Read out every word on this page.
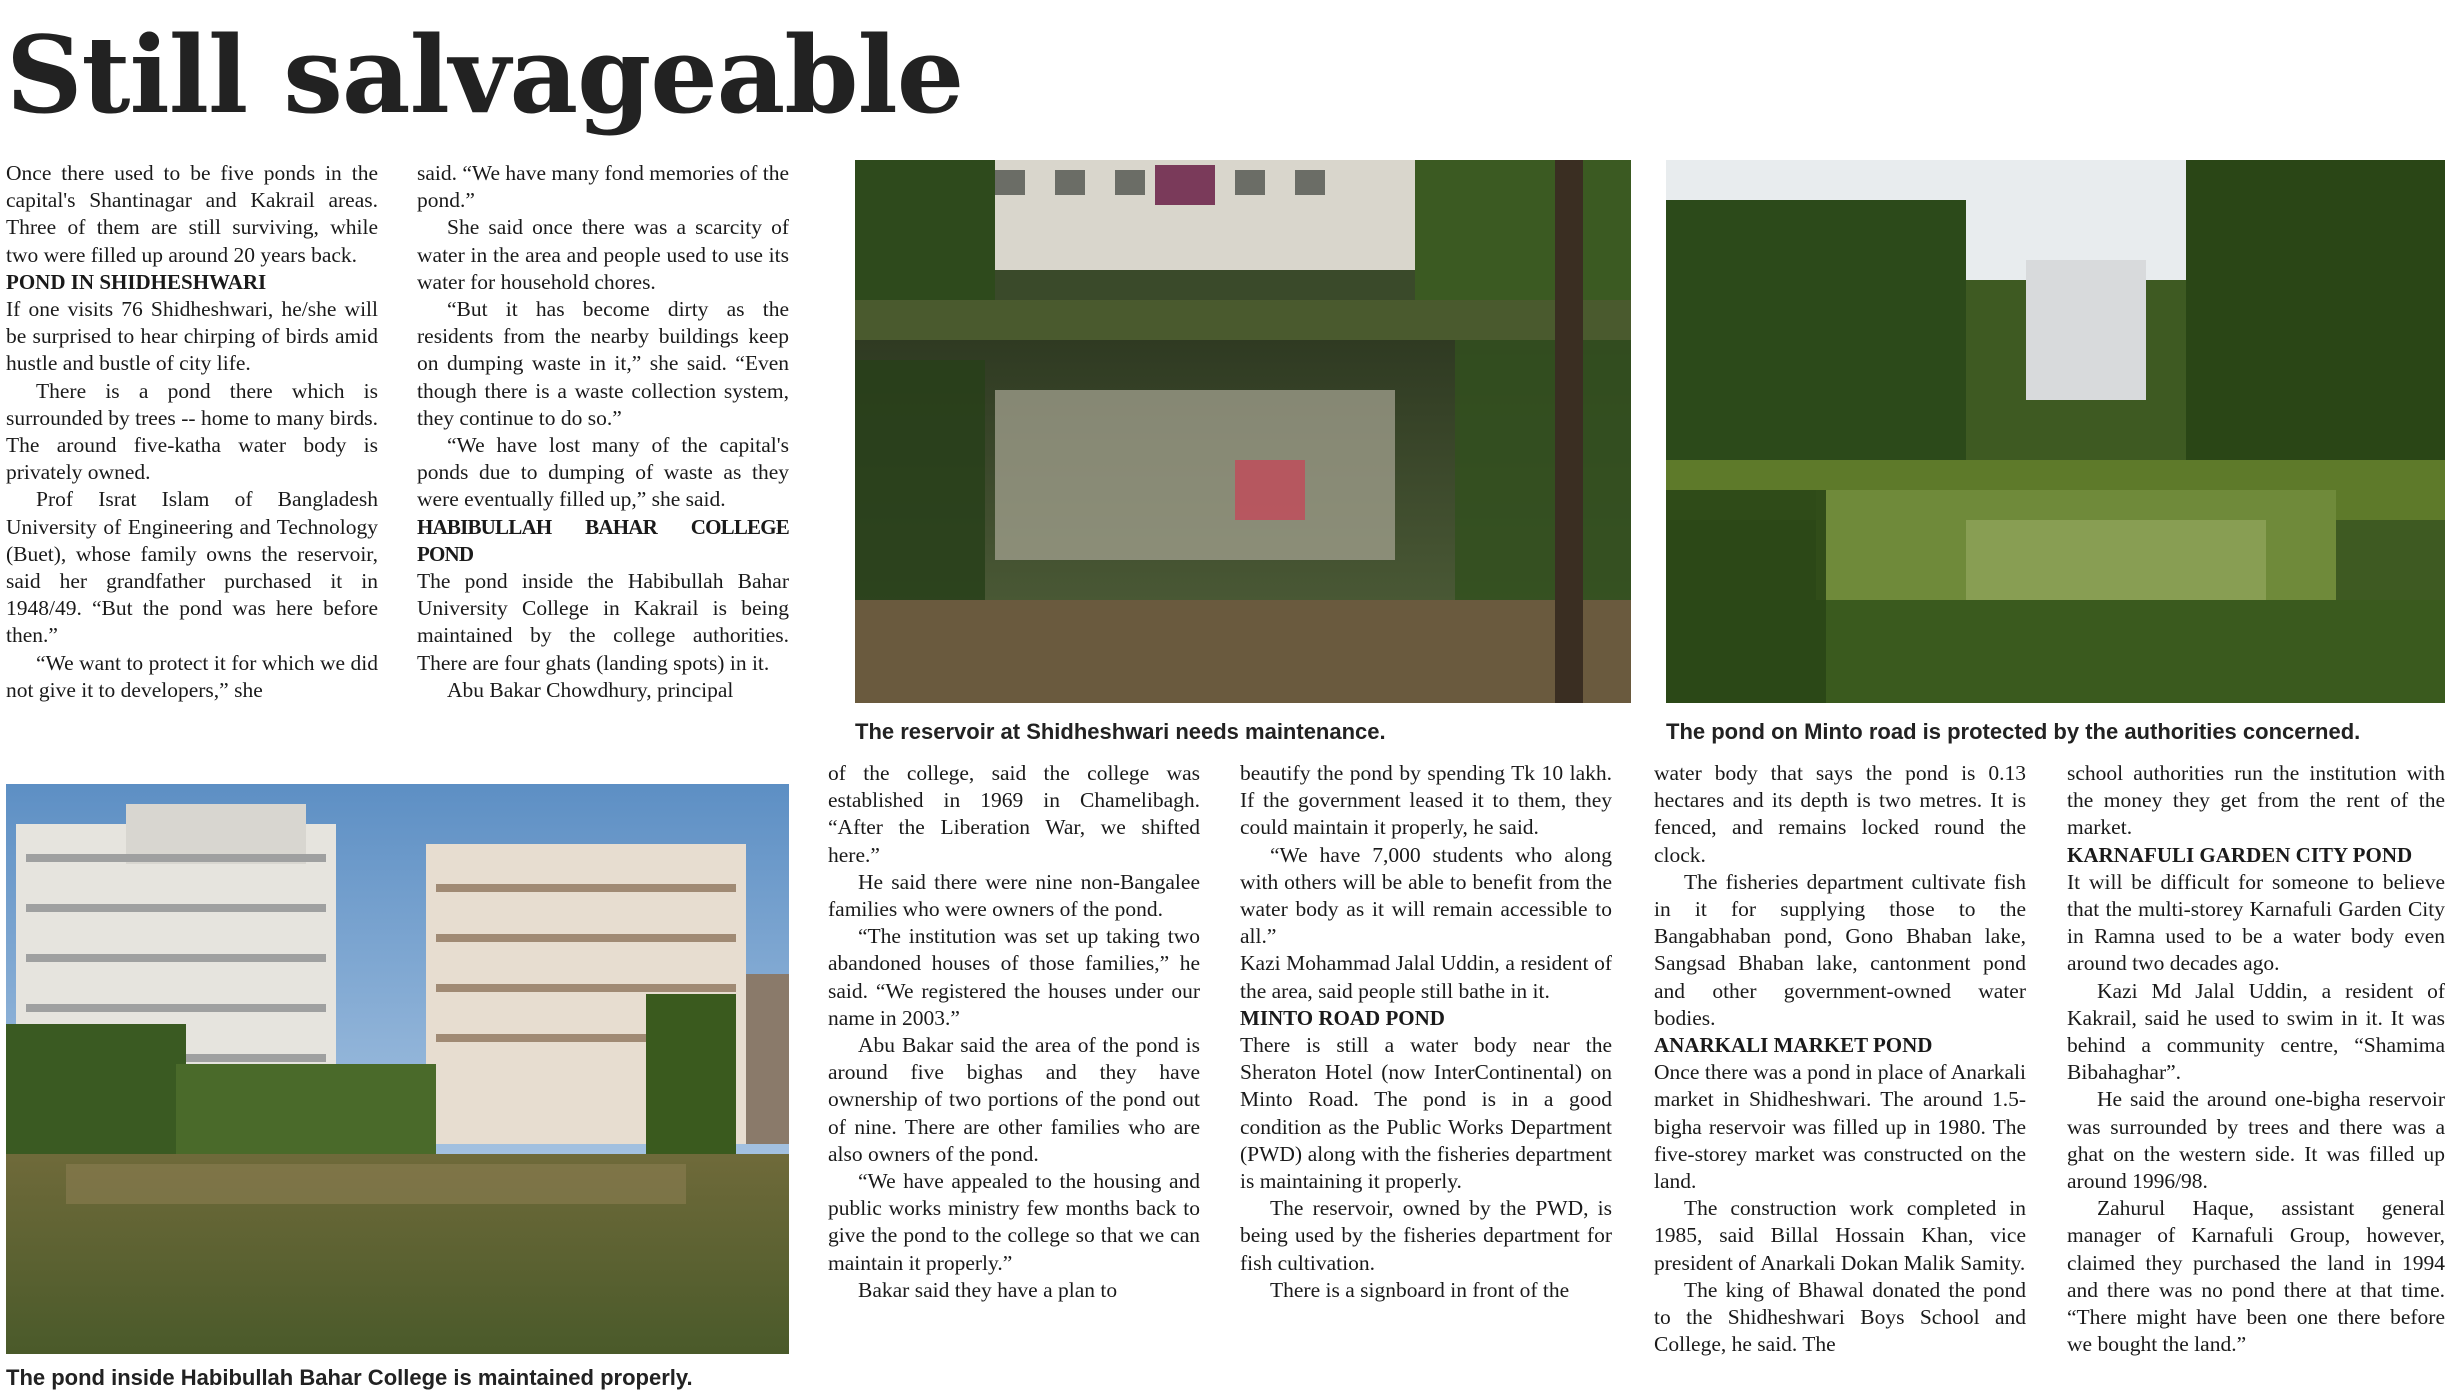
Still salvageable
The reservoir at Shidheshwari needs maintenance.	The pond on Minto road is protected by the authorities concerned.
The pond inside Habibullah Bahar College is maintained properly.

Once there used to be five ponds in the capital's Shantinagar and Kakrail areas. Three of them are still surviving, while two were filled up around 20 years back.

POND IN SHIDHESHWARI

If one visits 76 Shidheshwari, he/she will be surprised to hear chirping of birds amid hustle and bustle of city life.

There is a pond there which is surrounded by trees -- home to many birds. The around five-katha water body is privately owned.

Prof Israt Islam of Bangladesh University of Engineering and Technology (Buet), whose family owns the reservoir, said her grandfather purchased it in 1948/49. “But the pond was here before then.”

“We want to protect it for which we did not give it to developers,” she

said. “We have many fond memories of the pond.”

She said once there was a scarcity of water in the area and people used to use its water for household chores.

“But it has become dirty as the residents from the nearby buildings keep on dumping waste in it,” she said. “Even though there is a waste collection system, they continue to do so.”

“We have lost many of the capital's ponds due to dumping of waste as they were eventually filled up,” she said.

HABIBULLAH BAHAR COLLEGE POND

The pond inside the Habibullah Bahar University College in Kakrail is being maintained by the college authorities. There are four ghats (landing spots) in it.

Abu Bakar Chowdhury, principal

of the college, said the college was established in 1969 in Chamelibagh. “After the Liberation War, we shifted here.”

He said there were nine non-Bangalee families who were owners of the pond.

“The institution was set up taking two abandoned houses of those families,” he said. “We registered the houses under our name in 2003.”

Abu Bakar said the area of the pond is around five bighas and they have ownership of two portions of the pond out of nine. There are other families who are also owners of the pond.

“We have appealed to the housing and public works ministry few months back to give the pond to the college so that we can maintain it properly.”

Bakar said they have a plan to

beautify the pond by spending Tk 10 lakh. If the government leased it to them, they could maintain it properly, he said.

“We have 7,000 students who along with others will be able to benefit from the water body as it will remain accessible to all.”

Kazi Mohammad Jalal Uddin, a resident of the area, said people still bathe in it.

MINTO ROAD POND

There is still a water body near the Sheraton Hotel (now InterContinental) on Minto Road. The pond is in a good condition as the Public Works Department (PWD) along with the fisheries department is maintaining it properly.

The reservoir, owned by the PWD, is being used by the fisheries department for fish cultivation.

There is a signboard in front of the

water body that says the pond is 0.13 hectares and its depth is two metres. It is fenced, and remains locked round the clock.

The fisheries department cultivate fish in it for supplying those to the Bangabhaban pond, Gono Bhaban lake, Sangsad Bhaban lake, cantonment pond and other government-owned water bodies.

ANARKALI MARKET POND

Once there was a pond in place of Anarkali market in Shidheshwari. The around 1.5-bigha reservoir was filled up in 1980. The five-storey market was constructed on the land.

The construction work completed in 1985, said Billal Hossain Khan, vice president of Anarkali Dokan Malik Samity.

The king of Bhawal donated the pond to the Shidheshwari Boys School and College, he said. The

school authorities run the institution with the money they get from the rent of the market.

KARNAFULI GARDEN CITY POND

It will be difficult for someone to believe that the multi-storey Karnafuli Garden City in Ramna used to be a water body even around two decades ago.

Kazi Md Jalal Uddin, a resident of Kakrail, said he used to swim in it. It was behind a community centre, “Shamima Bibahaghar”.

He said the around one-bigha reservoir was surrounded by trees and there was a ghat on the western side. It was filled up around 1996/98.

Zahurul Haque, assistant general manager of Karnafuli Group, however, claimed they purchased the land in 1994 and there was no pond there at that time. “There might have been one there before we bought the land.”
